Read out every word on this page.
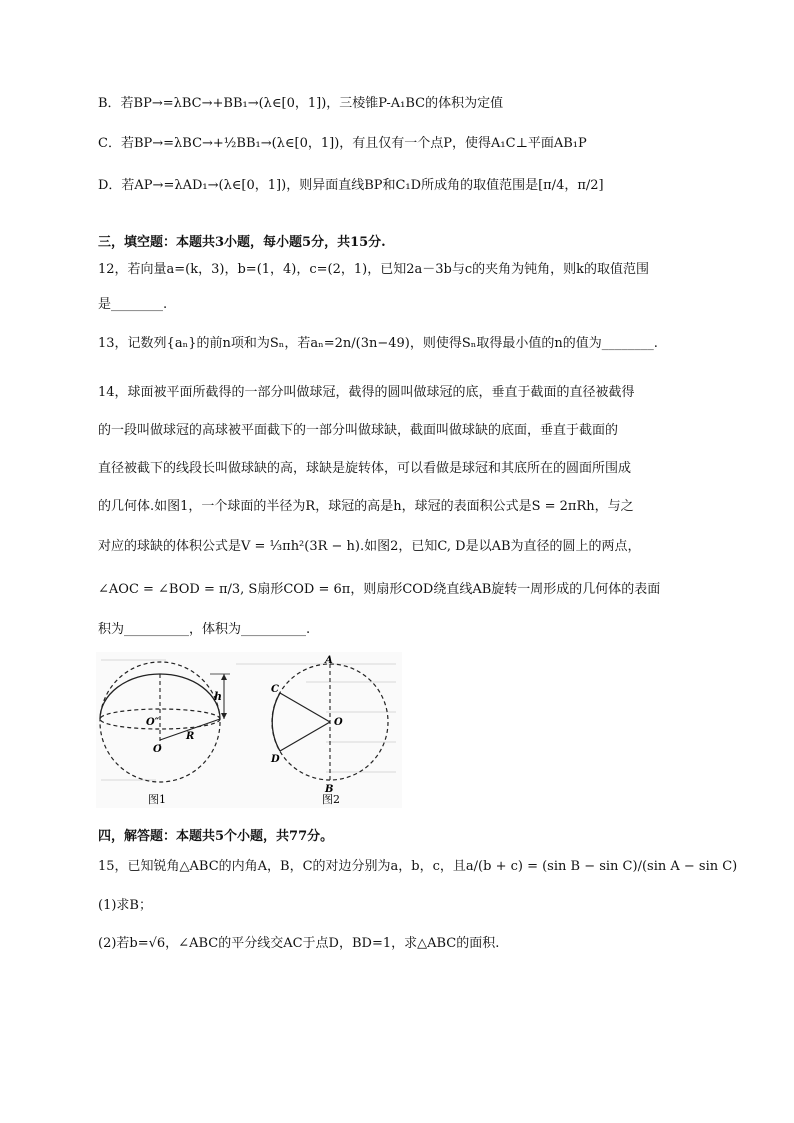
B．若BP→=λBC→+BB₁→(λ∈[0，1])，三棱锥P-A₁BC的体积为定值
C．若BP→=λBC→+½BB₁→(λ∈[0，1])，有且仅有一个点P，使得A₁C⊥平面AB₁P
D．若AP→=λAD₁→(λ∈[0，1])，则异面直线BP和C₁D所成角的取值范围是[π/4，π/2]
三，填空题：本题共3小题，每小题5分，共15分.
12，若向量a=(k，3)，b=(1，4)，c=(2，1)，已知2a－3b与c的夹角为钝角，则k的取值范围
是________.
13，记数列{aₙ}的前n项和为Sₙ，若aₙ=2n/(3n−49)，则使得Sₙ取得最小值的n的值为________.
14，球面被平面所截得的一部分叫做球冠，截得的圆叫做球冠的底，垂直于截面的直径被截得
的一段叫做球冠的高球被平面截下的一部分叫做球缺，截面叫做球缺的底面，垂直于截面的
直径被截下的线段长叫做球缺的高，球缺是旋转体，可以看做是球冠和其底所在的圆面所围成
的几何体.如图1，一个球面的半径为R，球冠的高是h，球冠的表面积公式是S = 2πRh，与之
对应的球缺的体积公式是V = ⅓πh²(3R − h).如图2，已知C, D是以AB为直径的圆上的两点，
∠AOC = ∠BOD = π/3, S扇形COD = 6π，则扇形COD绕直线AB旋转一周形成的几何体的表面
积为__________，体积为__________.
h
O″
O
R
图1
A
B
C
D
O
图2
四，解答题：本题共5个小题，共77分。
15，已知锐角△ABC的内角A，B，C的对边分别为a，b，c，且a/(b + c) = (sin B − sin C)/(sin A − sin C)
(1)求B；
(2)若b=√6，∠ABC的平分线交AC于点D，BD=1，求△ABC的面积.
